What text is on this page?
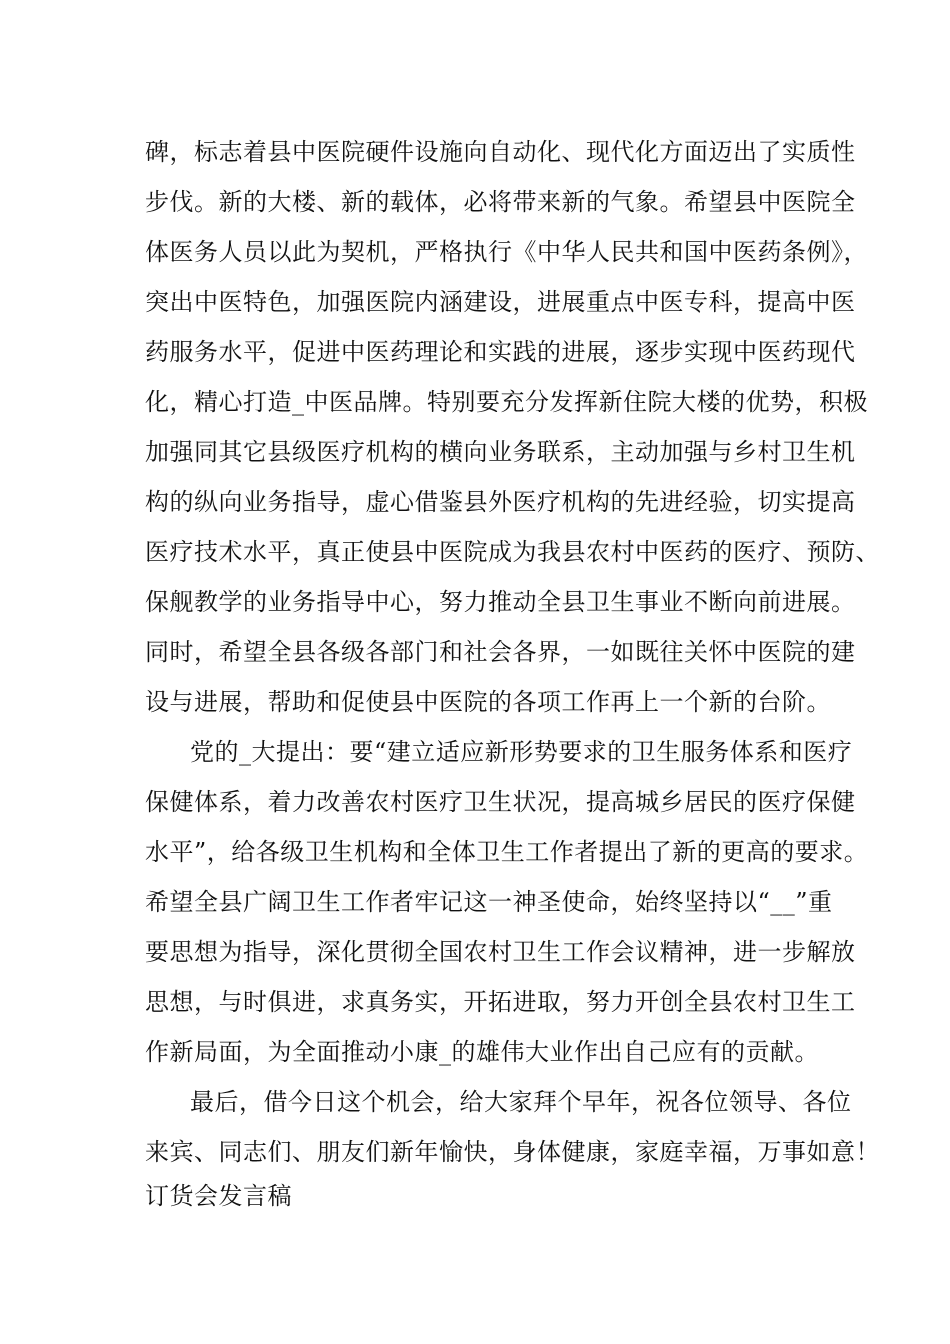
碑，标志着县中医院硬件设施向自动化、现代化方面迈出了实质性
步伐。新的大楼、新的载体，必将带来新的气象。希望县中医院全
体医务人员以此为契机，严格执行《中华人民共和国中医药条例》，
突出中医特色，加强医院内涵建设，进展重点中医专科，提高中医
药服务水平，促进中医药理论和实践的进展，逐步实现中医药现代
化，精心打造_中医品牌。特别要充分发挥新住院大楼的优势，积极
加强同其它县级医疗机构的横向业务联系，主动加强与乡村卫生机
构的纵向业务指导，虚心借鉴县外医疗机构的先进经验，切实提高
医疗技术水平，真正使县中医院成为我县农村中医药的医疗、预防、
保舰教学的业务指导中心，努力推动全县卫生事业不断向前进展。
同时，希望全县各级各部门和社会各界，一如既往关怀中医院的建
设与进展，帮助和促使县中医院的各项工作再上一个新的台阶。
党的_大提出：要“建立适应新形势要求的卫生服务体系和医疗
保健体系，着力改善农村医疗卫生状况，提高城乡居民的医疗保健
水平”，给各级卫生机构和全体卫生工作者提出了新的更高的要求。
希望全县广阔卫生工作者牢记这一神圣使命，始终坚持以“__”重
要思想为指导，深化贯彻全国农村卫生工作会议精神，进一步解放
思想，与时俱进，求真务实，开拓进取，努力开创全县农村卫生工
作新局面，为全面推动小康_的雄伟大业作出自己应有的贡献。
最后，借今日这个机会，给大家拜个早年，祝各位领导、各位
来宾、同志们、朋友们新年愉快，身体健康，家庭幸福，万事如意！
订货会发言稿
